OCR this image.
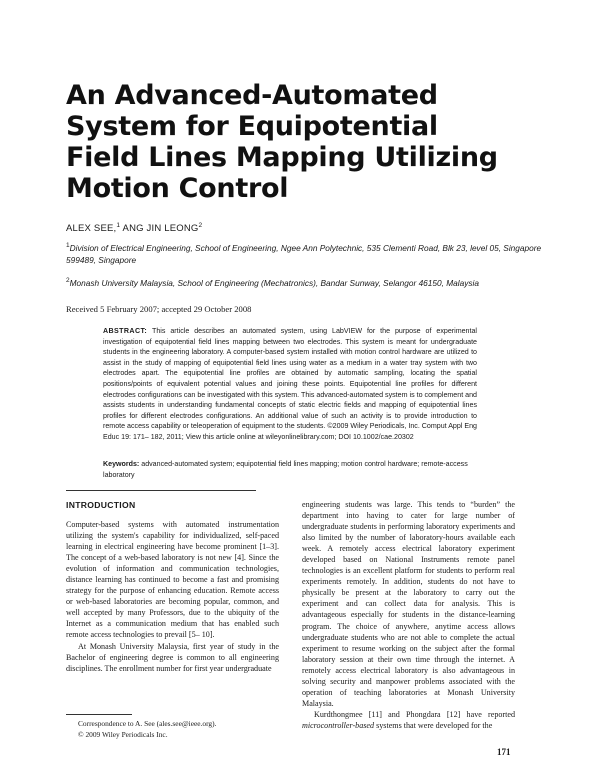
An Advanced-Automated
System for Equipotential
Field Lines Mapping Utilizing
Motion Control
ALEX SEE,$^1$ ANG JIN LEONG$^2$
$^1$Division of Electrical Engineering, School of Engineering, Ngee Ann Polytechnic, 535 Clementi Road, Blk 23, level 05, Singapore 599489, Singapore
$^2$Monash University Malaysia, School of Engineering (Mechatronics), Bandar Sunway, Selangor 46150, Malaysia
Received 5 February 2007; accepted 29 October 2008
ABSTRACT: This article describes an automated system, using LabVIEW for the purpose of experimental investigation of equipotential field lines mapping between two electrodes. This system is meant for undergraduate students in the engineering laboratory. A computer-based system installed with motion control hardware are utilized to assist in the study of mapping of equipotential field lines using water as a medium in a water tray system with two electrodes apart. The equipotential line profiles are obtained by automatic sampling, locating the spatial positions/points of equivalent potential values and joining these points. Equipotential line profiles for different electrodes configurations can be investigated with this system. This advanced-automated system is to complement and assists students in understanding fundamental concepts of static electric fields and mapping of equipotential lines profiles for different electrodes configurations. An additional value of such an activity is to provide introduction to remote access capability or teleoperation of equipment to the students. ©2009 Wiley Periodicals, Inc. Comput Appl Eng Educ 19: 171– 182, 2011; View this article online at wileyonlinelibrary.com; DOI 10.1002/cae.20302
Keywords: advanced-automated system; equipotential field lines mapping; motion control hardware; remote-access laboratory
INTRODUCTION

Computer-based systems with automated instrumentation utilizing the system's capability for individualized, self-paced learning in electrical engineering have become prominent [1–3]. The concept of a web-based laboratory is not new [4]. Since the evolution of information and communication technologies, distance learning has continued to become a fast and promising strategy for the purpose of enhancing education. Remote access or web-based laboratories are becoming popular, common, and well accepted by many Professors, due to the ubiquity of the Internet as a communication medium that has enabled such remote access technologies to prevail [5– 10].

At Monash University Malaysia, first year of study in the Bachelor of engineering degree is common to all engineering disciplines. The enrollment number for first year undergraduate

engineering students was large. This tends to “burden” the department into having to cater for large number of undergraduate students in performing laboratory experiments and also limited by the number of laboratory-hours available each week. A remotely access electrical laboratory experiment developed based on National Instruments remote panel technologies is an excellent platform for students to perform real experiments remotely. In addition, students do not have to physically be present at the laboratory to carry out the experiment and can collect data for analysis. This is advantageous especially for students in the distance-learning program. The choice of anywhere, anytime access allows undergraduate students who are not able to complete the actual experiment to resume working on the subject after the formal laboratory session at their own time through the internet. A remotely access electrical laboratory is also advantageous in solving security and manpower problems associated with the operation of teaching laboratories at Monash University Malaysia.

Kurdthongmee [11] and Phongdara [12] have reported microcontroller-based systems that were developed for the

Correspondence to A. See (ales.see@ieee.org).
© 2009 Wiley Periodicals Inc.
171
